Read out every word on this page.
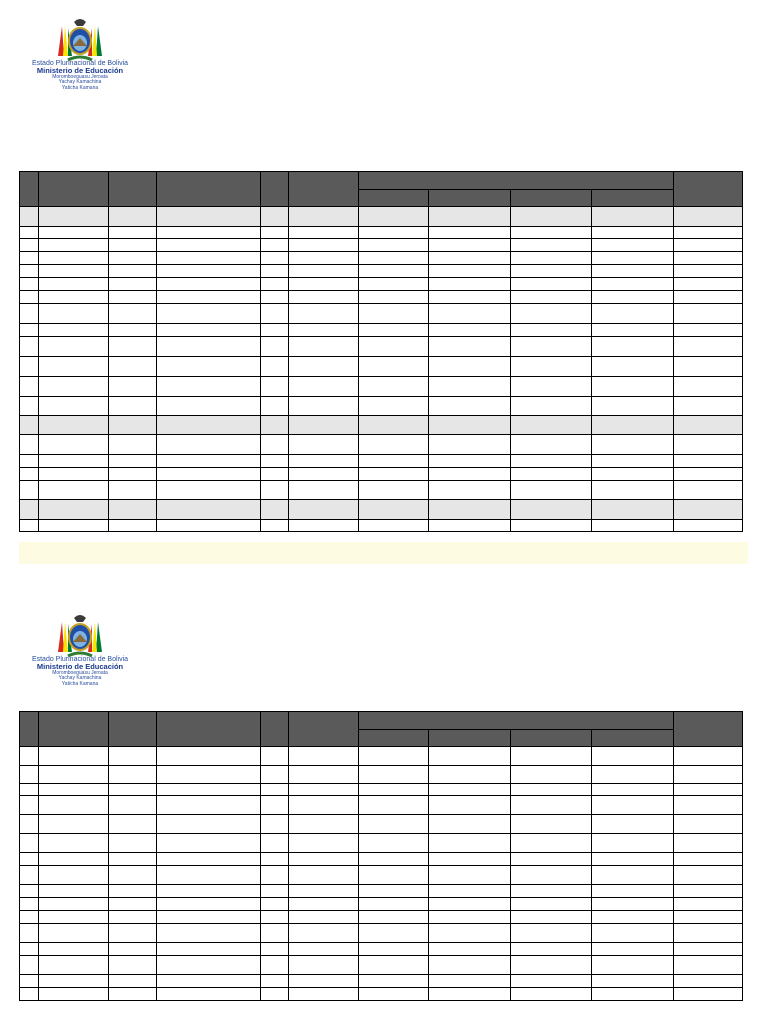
Estado Plurinacional de Bolivia
Ministerio de Educación
Moromboeguasu Jeroata
Yachay Kamachina
Yaticha Kamana

Estado Plurinacional de Bolivia
Ministerio de Educación
Moromboeguasu Jeroata
Yachay Kamachina
Yaticha Kamana
